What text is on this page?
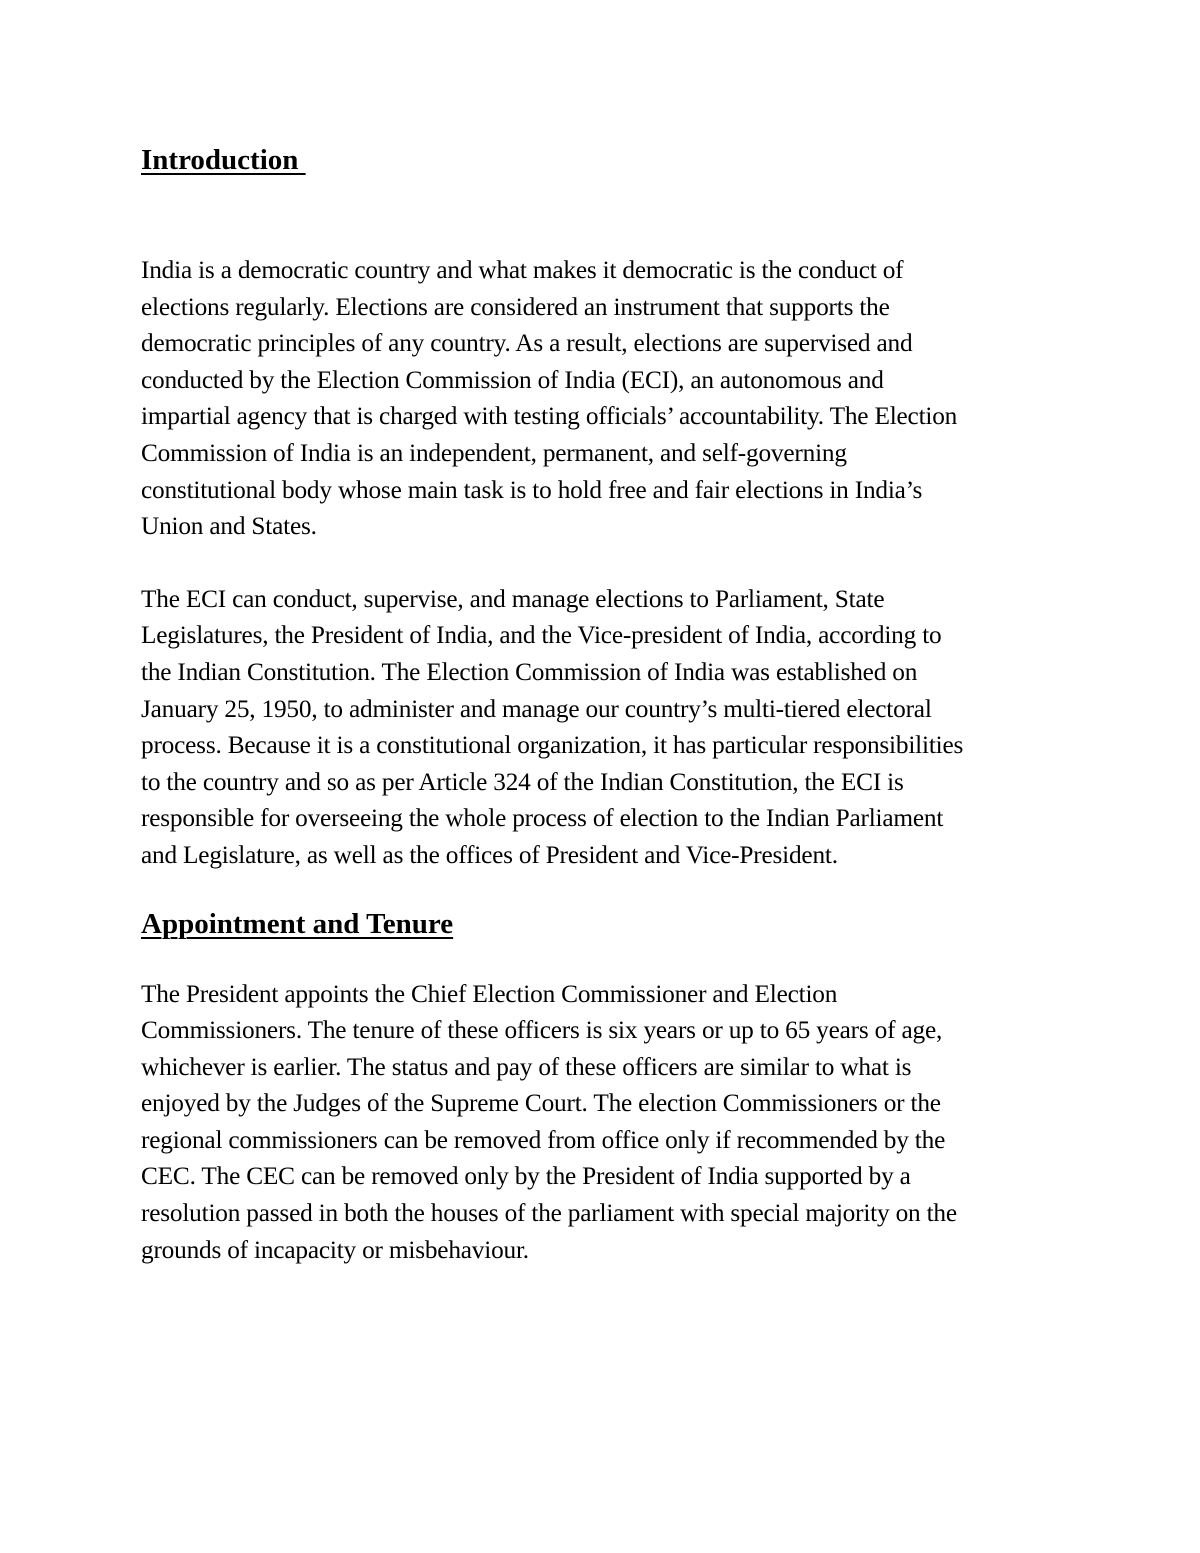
Introduction

India is a democratic country and what makes it democratic is the conduct of
elections regularly. Elections are considered an instrument that supports the
democratic principles of any country. As a result, elections are supervised and
conducted by the Election Commission of India (ECI), an autonomous and
impartial agency that is charged with testing officials’ accountability. The Election
Commission of India is an independent, permanent, and self-governing
constitutional body whose main task is to hold free and fair elections in India’s
Union and States.

The ECI can conduct, supervise, and manage elections to Parliament, State
Legislatures, the President of India, and the Vice-president of India, according to
the Indian Constitution. The Election Commission of India was established on
January 25, 1950, to administer and manage our country’s multi-tiered electoral
process. Because it is a constitutional organization, it has particular responsibilities
to the country and so as per Article 324 of the Indian Constitution, the ECI is
responsible for overseeing the whole process of election to the Indian Parliament
and Legislature, as well as the offices of President and Vice-President.

Appointment and Tenure

The President appoints the Chief Election Commissioner and Election
Commissioners. The tenure of these officers is six years or up to 65 years of age,
whichever is earlier. The status and pay of these officers are similar to what is
enjoyed by the Judges of the Supreme Court. The election Commissioners or the
regional commissioners can be removed from office only if recommended by the
CEC. The CEC can be removed only by the President of India supported by a
resolution passed in both the houses of the parliament with special majority on the
grounds of incapacity or misbehaviour.
